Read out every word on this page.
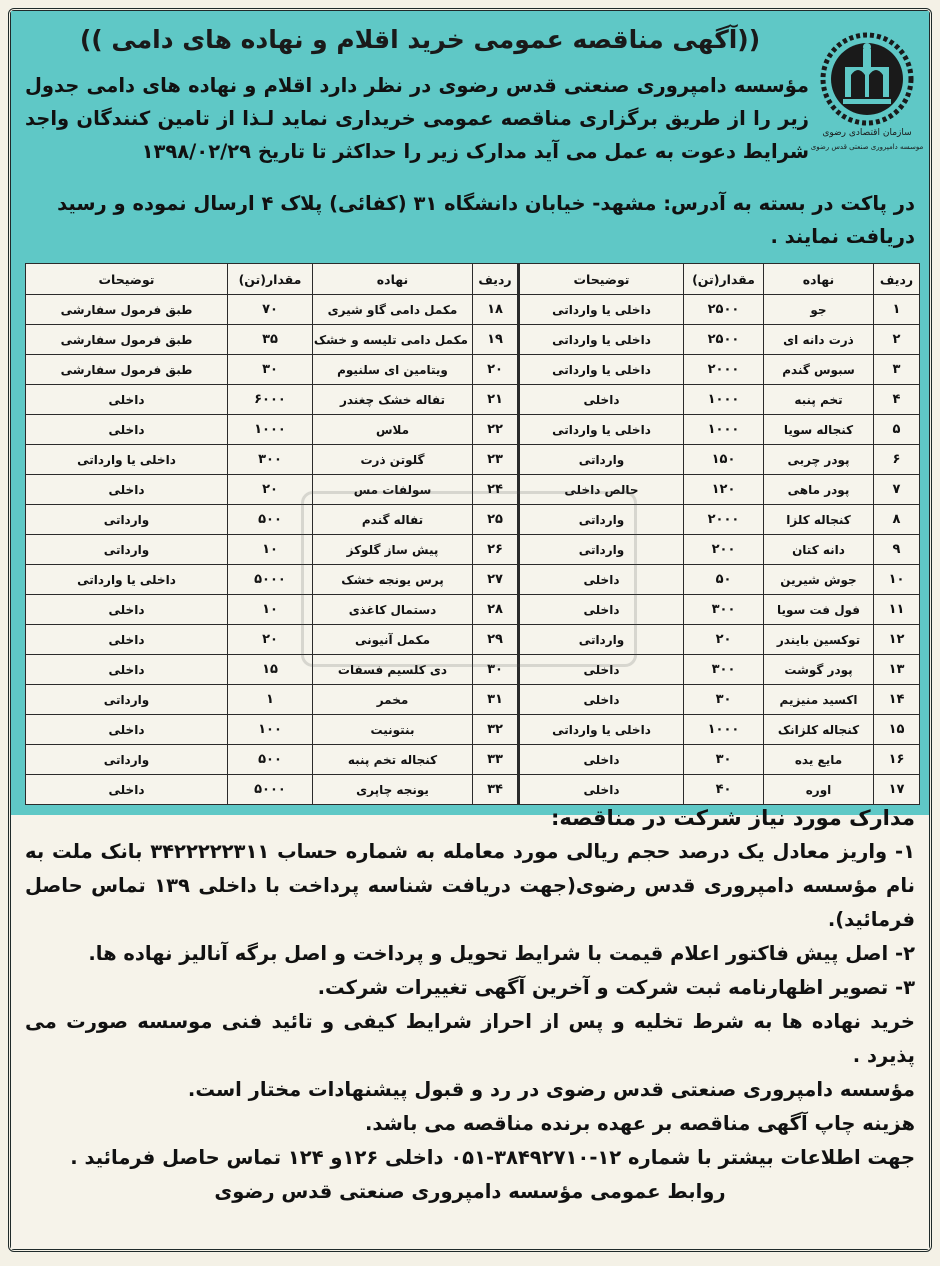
((آگهی مناقصه عمومی خرید اقلام و نهاده های دامی ))
سازمان اقتصادی رضوی
موسسه دامپروری صنعتی قدس رضوی
مؤسسه دامپروری صنعتی قدس رضوی در نظر دارد اقلام و نهاده های دامی جدول زیر را از طریق برگزاری مناقصه عمومی خریداری نماید لـذا از تامین کنندگان واجد شرایط دعوت به عمل می آید مدارک زیر را حداکثر تا تاریخ ۱۳۹۸/۰۲/۲۹
در پاکت در بسته به آدرس: مشهد- خیابان دانشگاه ۳۱ (کفائی) پلاک ۴ ارسال نموده و رسید دریافت نمایند .
ردیف	نهاده	مقدار(تن)	توضیحات	ردیف	نهاده	مقدار(تن)	توضیحات
۱	جو	۲۵۰۰	داخلی یا وارداتی	۱۸	مکمل دامی گاو شیری	۷۰	طبق فرمول سفارشی
۲	ذرت دانه ای	۲۵۰۰	داخلی یا وارداتی	۱۹	مکمل دامی تلیسه و خشک	۳۵	طبق فرمول سفارشی
۳	سبوس گندم	۲۰۰۰	داخلی یا وارداتی	۲۰	ویتامین ای سلنیوم	۳۰	طبق فرمول سفارشی
۴	تخم پنبه	۱۰۰۰	داخلی	۲۱	تفاله خشک چغندر	۶۰۰۰	داخلی
۵	کنجاله سویا	۱۰۰۰	داخلی یا وارداتی	۲۲	ملاس	۱۰۰۰	داخلی
۶	پودر چربی	۱۵۰	وارداتی	۲۳	گلوتن ذرت	۳۰۰	داخلی یا وارداتی
۷	پودر ماهی	۱۲۰	حالص داخلی	۲۴	سولفات مس	۲۰	داخلی
۸	کنجاله کلزا	۲۰۰۰	وارداتی	۲۵	تفاله گندم	۵۰۰	وارداتی
۹	دانه کتان	۲۰۰	وارداتی	۲۶	پیش ساز گلوکز	۱۰	وارداتی
۱۰	جوش شیرین	۵۰	داخلی	۲۷	پرس یونجه خشک	۵۰۰۰	داخلی یا وارداتی
۱۱	فول فت سویا	۳۰۰	داخلی	۲۸	دستمال کاغذی	۱۰	داخلی
۱۲	توکسین بایندر	۲۰	وارداتی	۲۹	مکمل آنیونی	۲۰	داخلی
۱۳	پودر گوشت	۳۰۰	داخلی	۳۰	دی کلسیم فسفات	۱۵	داخلی
۱۴	اکسید منیزیم	۳۰	داخلی	۳۱	مخمر	۱	وارداتی
۱۵	کنجاله کلزانک	۱۰۰۰	داخلی یا وارداتی	۳۲	بنتونیت	۱۰۰	داخلی
۱۶	مایع یده	۳۰	داخلی	۳۳	کنجاله تخم پنبه	۵۰۰	وارداتی
۱۷	اوره	۴۰	داخلی	۳۴	یونجه چاپری	۵۰۰۰	داخلی

مدارک مورد نیاز شرکت در مناقصه:

۱- واریز معادل یک درصد حجم ریالی مورد معامله به شماره حساب ۳۴۲۲۲۲۲۳۱۱ بانک ملت به نام مؤسسه دامپروری قدس رضوی(جهت دریافت شناسه پرداخت با داخلی ۱۳۹ تماس حاصل فرمائید).

۲- اصل پیش فاکتور اعلام قیمت با شرایط تحویل و پرداخت و اصل برگه آنالیز نهاده ها.

۳- تصویر اظهارنامه ثبت شرکت و آخرین آگهی تغییرات شرکت.

خرید نهاده ها به شرط تخلیه و پس از احراز شرایط کیفی و تائید فنی موسسه صورت می پذیرد .

مؤسسه دامپروری صنعتی قدس رضوی در رد و قبول پیشنهادات مختار است.

هزینه چاپ آگهی مناقصه بر عهده برنده مناقصه می باشد.

جهت اطلاعات بیشتر با شماره ۱۲-۳۸۴۹۲۷۱۰-۰۵۱ داخلی ۱۲۶و ۱۲۴ تماس حاصل فرمائید .

روابط عمومی مؤسسه دامپروری صنعتی قدس رضوی
